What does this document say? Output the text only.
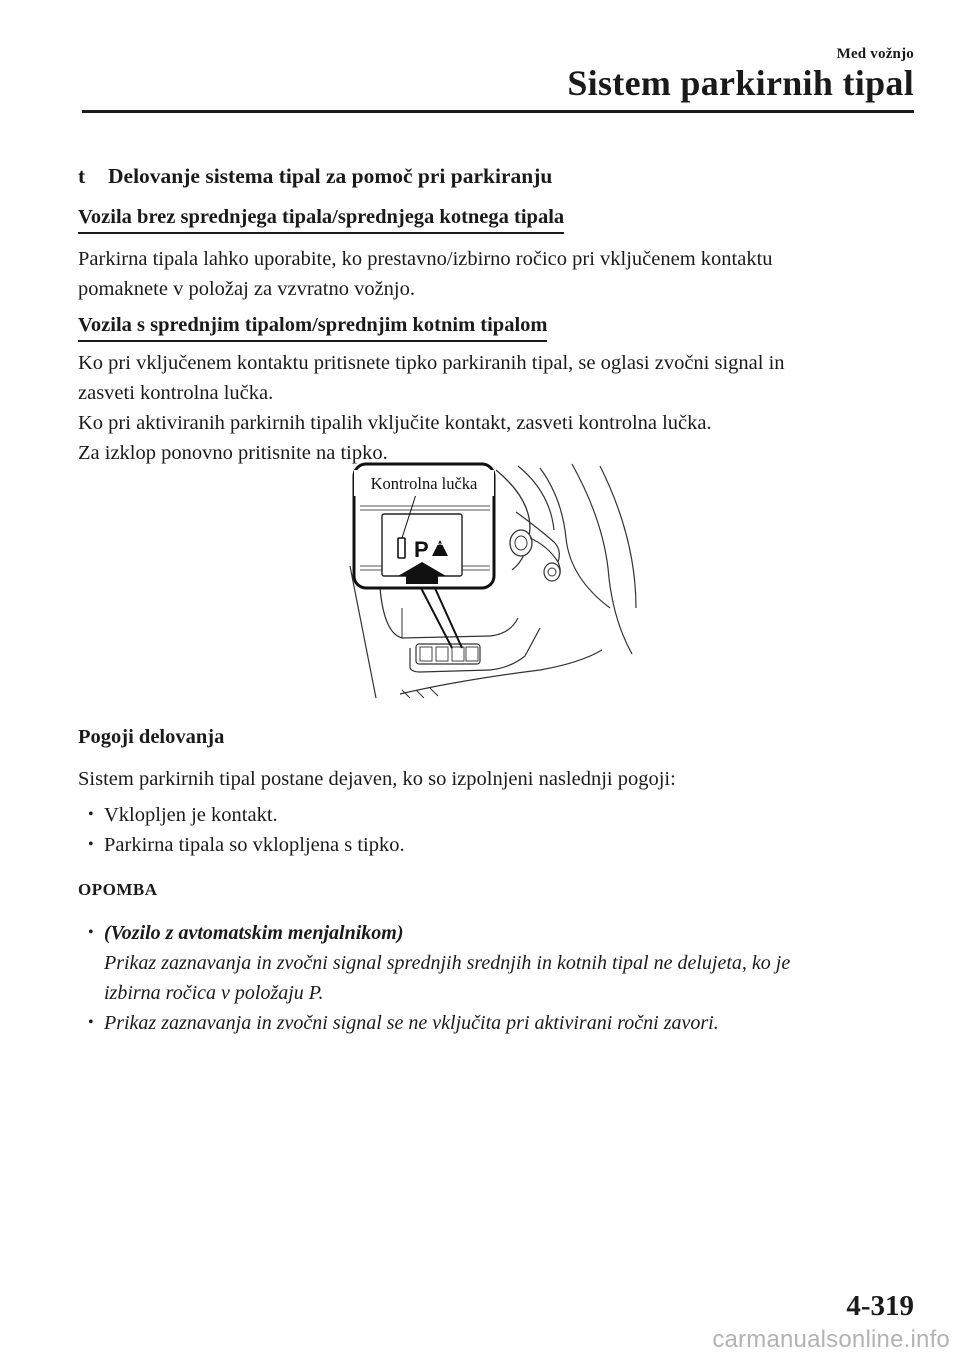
Med vožnjo
Sistem parkirnih tipal
t Delovanje sistema tipal za pomoč pri parkiranju
Vozila brez sprednjega tipala/sprednjega kotnega tipala
Parkirna tipala lahko uporabite, ko prestavno/izbirno ročico pri vključenem kontaktu
pomaknete v položaj za vzvratno vožnjo.
Vozila s sprednjim tipalom/sprednjim kotnim tipalom
Ko pri vključenem kontaktu pritisnete tipko parkiranih tipal, se oglasi zvočni signal in
zasveti kontrolna lučka.
Ko pri aktiviranih parkirnih tipalih vključite kontakt, zasveti kontrolna lučka.
Za izklop ponovno pritisnite na tipko.
P
Kontrolna lučka
Pogoji delovanja
Sistem parkirnih tipal postane dejaven, ko so izpolnjeni naslednji pogoji:
• Vklopljen je kontakt.
• Parkirna tipala so vklopljena s tipko.
OPOMBA
• (Vozilo z avtomatskim menjalnikom)
Prikaz zaznavanja in zvočni signal sprednjih srednjih in kotnih tipal ne delujeta, ko je
izbirna ročica v položaju P.
• Prikaz zaznavanja in zvočni signal se ne vključita pri aktivirani ročni zavori.
4-319
carmanualsonline.info
